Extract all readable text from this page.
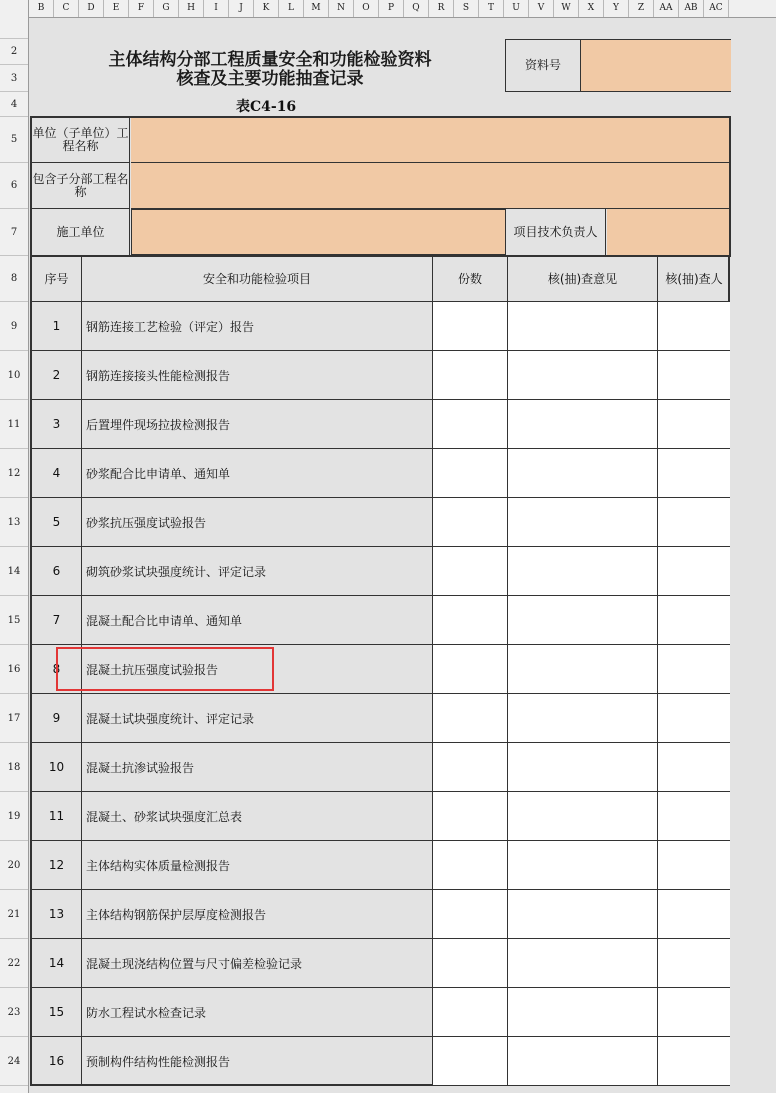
B	C	D	E	F	G	H	I	J	K	L	M	N	O	P	Q	R	S	T	U	V	W	X	Y	Z	AA	AB	AC
2
3
4
5
6
7
8
9
10
11
12
13
14
15
16
17
18
19
20
21
22
23
24
主体结构分部工程质量安全和功能检验资料
核查及主要功能抽查记录
表C4-16
资料号
单位（子单位）工程名称
包含子分部工程名称
施工单位	项目技术负责人
序号	安全和功能检验项目	份数	核(抽)查意见	核(抽)查人
1	钢筋连接工艺检验（评定）报告
2	钢筋连接接头性能检测报告
3	后置埋件现场拉拔检测报告
4	砂浆配合比申请单、通知单
5	砂浆抗压强度试验报告
6	砌筑砂浆试块强度统计、评定记录
7	混凝土配合比申请单、通知单
8	混凝土抗压强度试验报告
9	混凝土试块强度统计、评定记录
10	混凝土抗渗试验报告
11	混凝土、砂浆试块强度汇总表
12	主体结构实体质量检测报告
13	主体结构钢筋保护层厚度检测报告
14	混凝土现浇结构位置与尺寸偏差检验记录
15	防水工程试水检查记录
16	预制构件结构性能检测报告
